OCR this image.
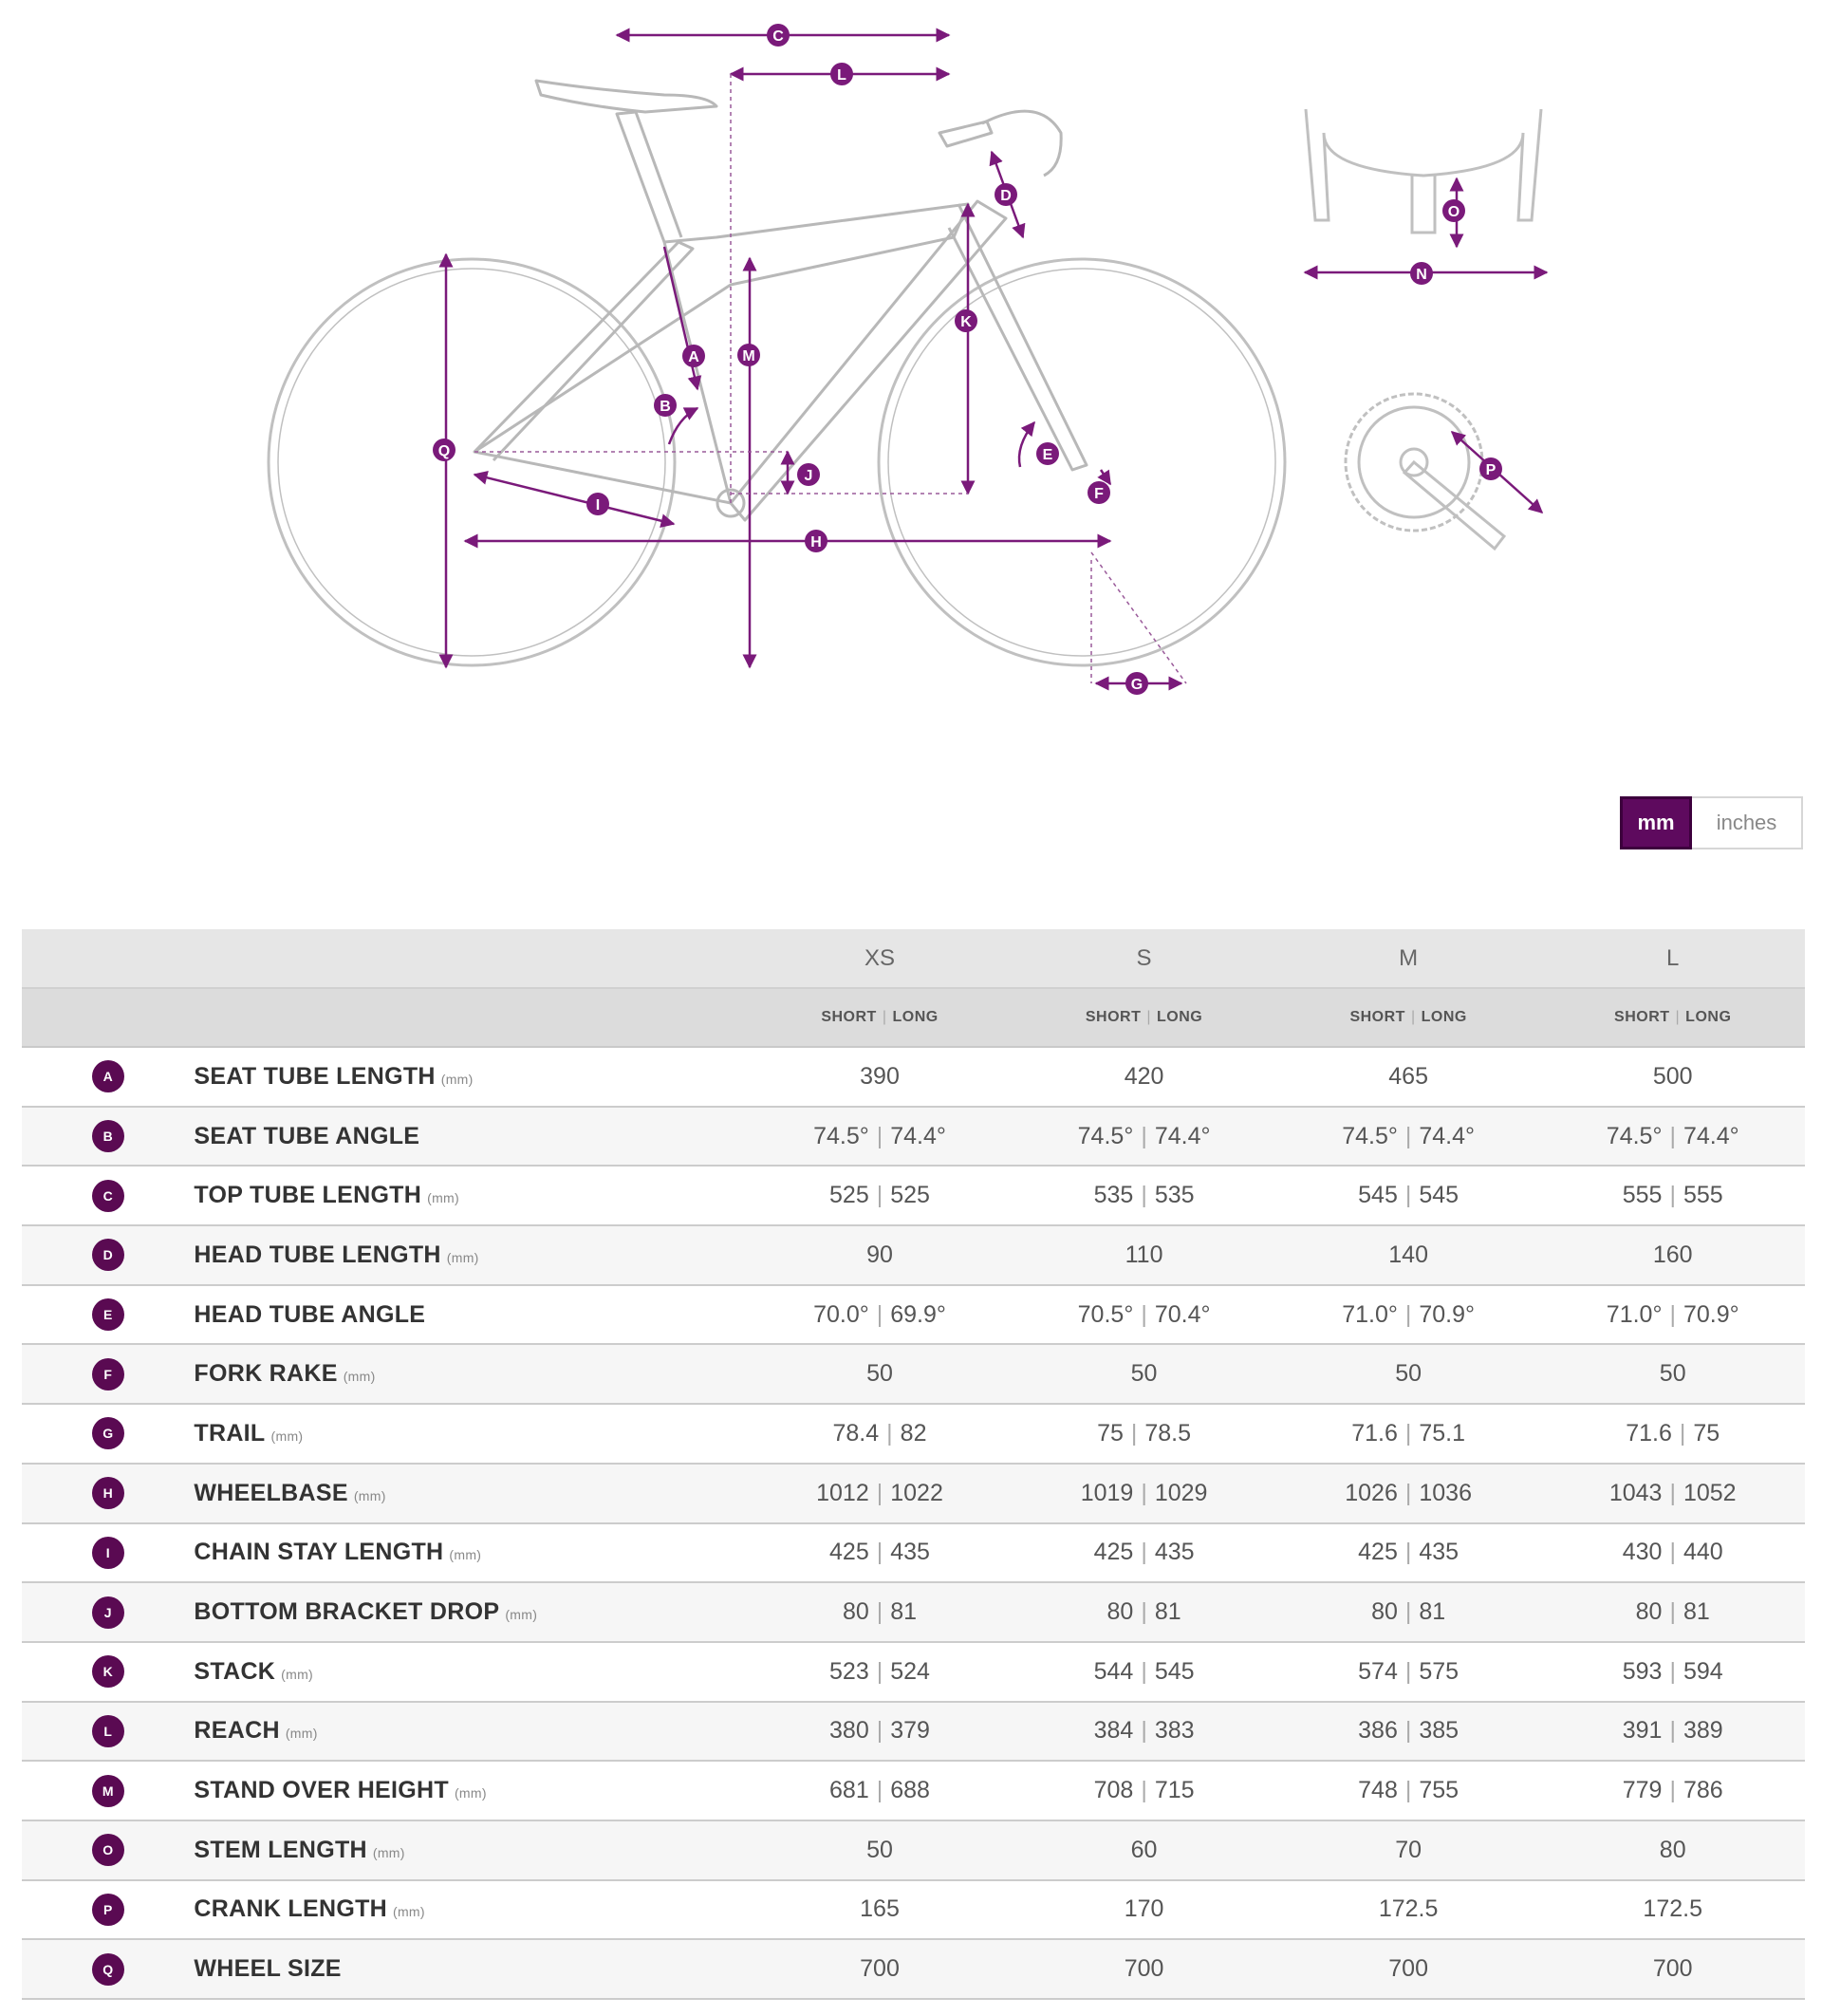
A
B
C
D
E
F
G
H
I
J
K
L
M
N
O
P
Q
mm	inches
		XS	S	M	L
		SHORT | LONG	SHORT | LONG	SHORT | LONG	SHORT | LONG
A	SEAT TUBE LENGTH (mm)	390	420	465	500
B	SEAT TUBE ANGLE	74.5° | 74.4°	74.5° | 74.4°	74.5° | 74.4°	74.5° | 74.4°
C	TOP TUBE LENGTH (mm)	525 | 525	535 | 535	545 | 545	555 | 555
D	HEAD TUBE LENGTH (mm)	90	110	140	160
E	HEAD TUBE ANGLE	70.0° | 69.9°	70.5° | 70.4°	71.0° | 70.9°	71.0° | 70.9°
F	FORK RAKE (mm)	50	50	50	50
G	TRAIL (mm)	78.4 | 82	75 | 78.5	71.6 | 75.1	71.6 | 75
H	WHEELBASE (mm)	1012 | 1022	1019 | 1029	1026 | 1036	1043 | 1052
I	CHAIN STAY LENGTH (mm)	425 | 435	425 | 435	425 | 435	430 | 440
J	BOTTOM BRACKET DROP (mm)	80 | 81	80 | 81	80 | 81	80 | 81
K	STACK (mm)	523 | 524	544 | 545	574 | 575	593 | 594
L	REACH (mm)	380 | 379	384 | 383	386 | 385	391 | 389
M	STAND OVER HEIGHT (mm)	681 | 688	708 | 715	748 | 755	779 | 786
O	STEM LENGTH (mm)	50	60	70	80
P	CRANK LENGTH (mm)	165	170	172.5	172.5
Q	WHEEL SIZE	700	700	700	700
